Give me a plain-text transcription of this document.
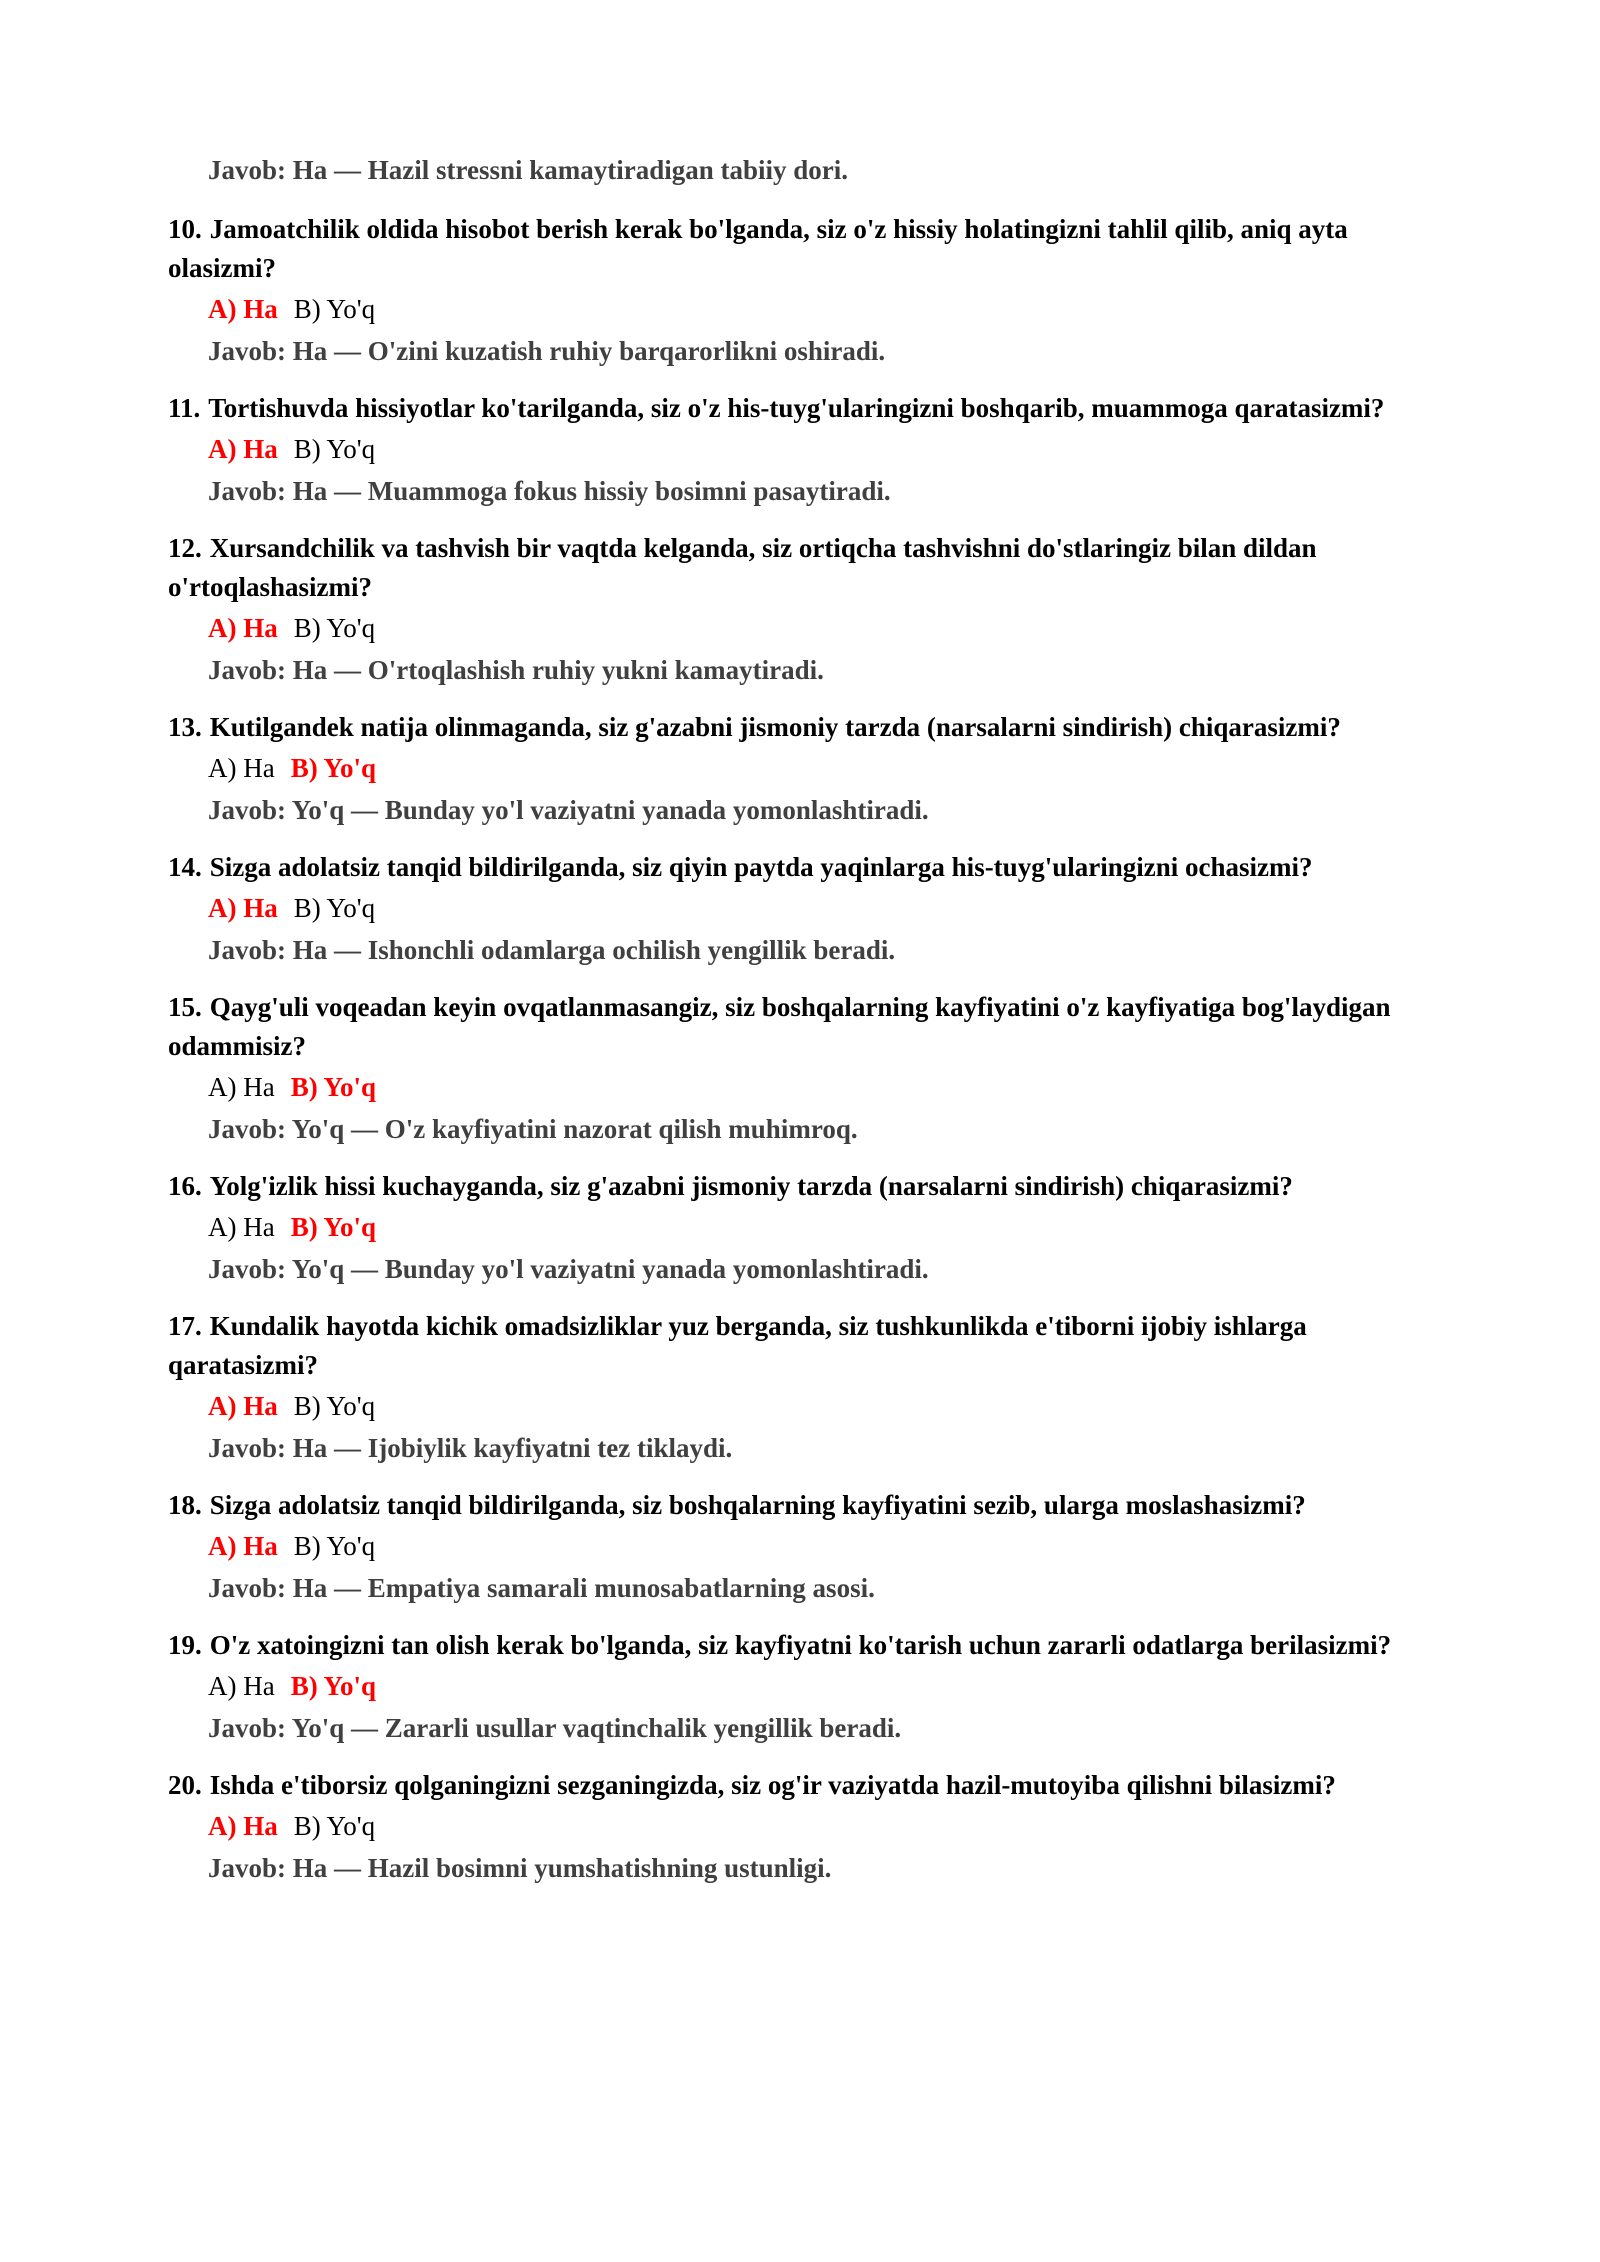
Javob: Ha — Hazil stressni kamaytiradigan tabiiy dori.
10. Jamoatchilik oldida hisobot berish kerak bo'lganda, siz o'z hissiy holatingizni tahlil qilib, aniq ayta olasizmi?
A) Ha B) Yo'q
Javob: Ha — O'zini kuzatish ruhiy barqarorlikni oshiradi.
11. Tortishuvda hissiyotlar ko'tarilganda, siz o'z his-tuyg'ularingizni boshqarib, muammoga qaratasizmi?
A) Ha B) Yo'q
Javob: Ha — Muammoga fokus hissiy bosimni pasaytiradi.
12. Xursandchilik va tashvish bir vaqtda kelganda, siz ortiqcha tashvishni do'stlaringiz bilan dildan o'rtoqlashasizmi?
A) Ha B) Yo'q
Javob: Ha — O'rtoqlashish ruhiy yukni kamaytiradi.
13. Kutilgandek natija olinmaganda, siz g'azabni jismoniy tarzda (narsalarni sindirish) chiqarasizmi?
A) Ha B) Yo'q
Javob: Yo'q — Bunday yo'l vaziyatni yanada yomonlashtiradi.
14. Sizga adolatsiz tanqid bildirilganda, siz qiyin paytda yaqinlarga his-tuyg'ularingizni ochasizmi?
A) Ha B) Yo'q
Javob: Ha — Ishonchli odamlarga ochilish yengillik beradi.
15. Qayg'uli voqeadan keyin ovqatlanmasangiz, siz boshqalarning kayfiyatini o'z kayfiyatiga bog'laydigan odammisiz?
A) Ha B) Yo'q
Javob: Yo'q — O'z kayfiyatini nazorat qilish muhimroq.
16. Yolg'izlik hissi kuchayganda, siz g'azabni jismoniy tarzda (narsalarni sindirish) chiqarasizmi?
A) Ha B) Yo'q
Javob: Yo'q — Bunday yo'l vaziyatni yanada yomonlashtiradi.
17. Kundalik hayotda kichik omadsizliklar yuz berganda, siz tushkunlikda e'tiborni ijobiy ishlarga qaratasizmi?
A) Ha B) Yo'q
Javob: Ha — Ijobiylik kayfiyatni tez tiklaydi.
18. Sizga adolatsiz tanqid bildirilganda, siz boshqalarning kayfiyatini sezib, ularga moslashasizmi?
A) Ha B) Yo'q
Javob: Ha — Empatiya samarali munosabatlarning asosi.
19. O'z xatoingizni tan olish kerak bo'lganda, siz kayfiyatni ko'tarish uchun zararli odatlarga berilasizmi?
A) Ha B) Yo'q
Javob: Yo'q — Zararli usullar vaqtinchalik yengillik beradi.
20. Ishda e'tiborsiz qolganingizni sezganingizda, siz og'ir vaziyatda hazil-mutoyiba qilishni bilasizmi?
A) Ha B) Yo'q
Javob: Ha — Hazil bosimni yumshatishning ustunligi.
